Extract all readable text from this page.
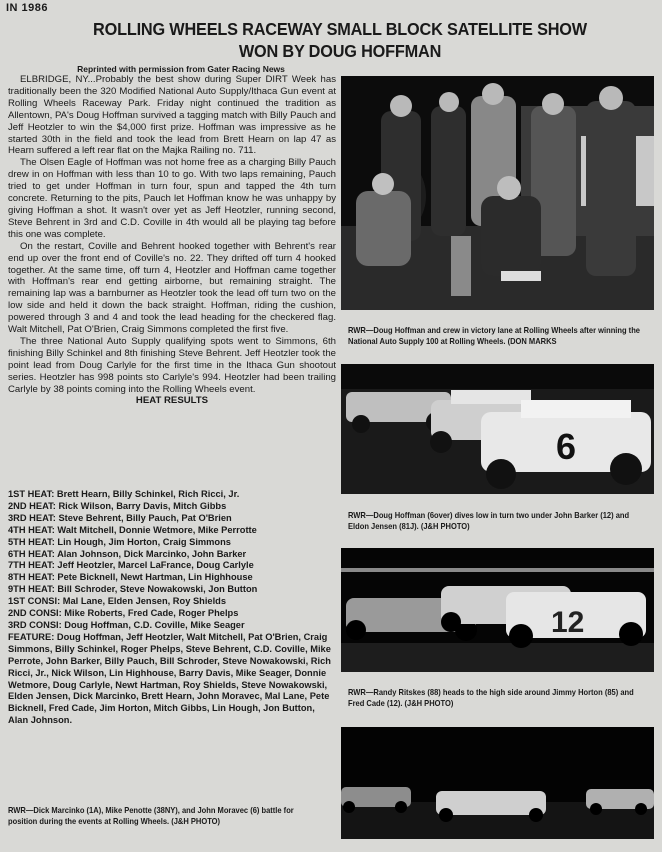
IN 1986
ROLLING WHEELS RACEWAY SMALL BLOCK SATELLITE SHOW
WON BY DOUG HOFFMAN
Reprinted with permission from Gater Racing News

ELBRIDGE, NY...Probably the best show during Super DIRT Week has traditionally been the 320 Modified National Auto Supply/Ithaca Gun event at Rolling Wheels Raceway Park. Friday night continued the tradition as Allentown, PA's Doug Hoffman survived a tagging match with Billy Pauch and Jeff Heotzler to win the $4,000 first prize. Hoffman was impressive as he started 30th in the field and took the lead from Brett Hearn on lap 47 as Hearn suffered a left rear flat on the Majka Railing no. 711.

The Olsen Eagle of Hoffman was not home free as a charging Billy Pauch drew in on Hoffman with less than 10 to go. With two laps remaining, Pauch tried to get under Hoffman in turn four, spun and tapped the 4th turn concrete. Returning to the pits, Pauch let Hoffman know he was unhappy by giving Hoffman a shot. It wasn't over yet as Jeff Heotzler, running second, Steve Behrent in 3rd and C.D. Coville in 4th would all be playing tag before this one was complete.

On the restart, Coville and Behrent hooked together with Behrent's rear end up over the front end of Coville's no. 22. They drifted off turn 4 hooked together. At the same time, off turn 4, Heotzler and Hoffman came together with Hoffman's rear end getting airborne, but remaining straight. The remaining lap was a barnburner as Heotzler took the lead off turn two on the low side and held it down the back straight. Hoffman, riding the cushion, powered through 3 and 4 and took the lead heading for the checkered flag. Walt Mitchell, Pat O'Brien, Craig Simmons completed the first five.

The three National Auto Supply qualifying spots went to Simmons, 6th finishing Billy Schinkel and 8th finishing Steve Behrent. Jeff Heotzler took the point lead from Doug Carlyle for the first time in the Ithaca Gun shootout series. Heotzler has 998 points sto Carlyle's 994. Heotzler had been trailing Carlyle by 38 points coming into the Rolling Wheels event.

HEAT RESULTS

1ST HEAT: Brett Hearn, Billy Schinkel, Rich Ricci, Jr.
2ND HEAT: Rick Wilson, Barry Davis, Mitch Gibbs
3RD HEAT: Steve Behrent, Billy Pauch, Pat O'Brien
4TH HEAT: Walt Mitchell, Donnie Wetmore, Mike Perrotte
5TH HEAT: Lin Hough, Jim Horton, Craig Simmons
6TH HEAT: Alan Johnson, Dick Marcinko, John Barker
7TH HEAT: Jeff Heotzler, Marcel LaFrance, Doug Carlyle
8TH HEAT: Pete Bicknell, Newt Hartman, Lin Highhouse
9TH HEAT: Bill Schroder, Steve Nowakowski, Jon Button
1ST CONSI: Mal Lane, Elden Jensen, Roy Shields
2ND CONSI: Mike Roberts, Fred Cade, Roger Phelps
3RD CONSI: Doug Hoffman, C.D. Coville, Mike Seager
FEATURE: Doug Hoffman, Jeff Heotzler, Walt Mitchell, Pat O'Brien, Craig Simmons, Billy Schinkel, Roger Phelps, Steve Behrent, C.D. Coville, Mike Perrote, John Barker, Billy Pauch, Bill Schroder, Steve Nowakowski, Rich Ricci, Jr., Nick Wilson, Lin Highhouse, Barry Davis, Mike Seager, Donnie Wetmore, Doug Carlyle, Newt Hartman, Roy Shields, Steve Nowakowski, Elden Jensen, Dick Marcinko, Brett Hearn, John Moravec, Mal Lane, Pete Bicknell, Fred Cade, Jim Horton, Mitch Gibbs, Lin Hough, Jon Button, Alan Johnson.
RWR—Doug Hoffman and crew in victory lane at Rolling Wheels after winning the National Auto Supply 100 at Rolling Wheels. (DON MARKS
6
RWR—Doug Hoffman (6over) dives low in turn two under John Barker (12) and Eldon Jensen (81J). (J&H PHOTO)
12
RWR—Randy Ritskes (88) heads to the high side around Jimmy Horton (85) and Fred Cade (12). (J&H PHOTO)
RWR—Dick Marcinko (1A), Mike Penotte (38NY), and John Moravec (6) battle for position during the events at Rolling Wheels. (J&H PHOTO)
